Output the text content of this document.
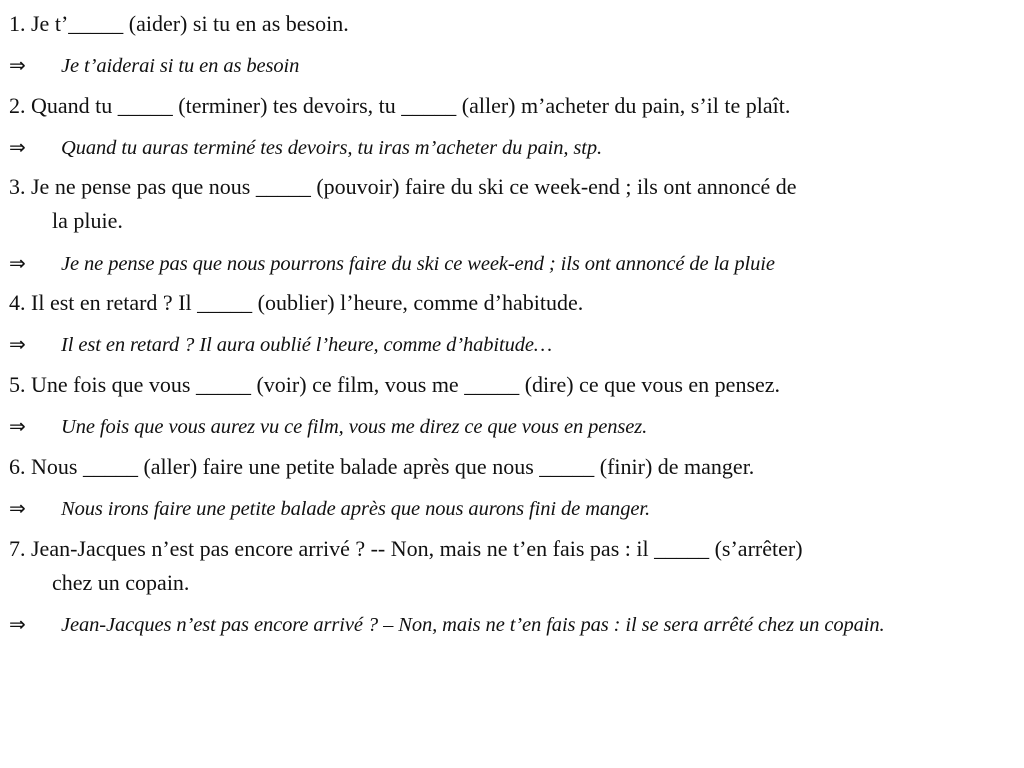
1. Je t’_____ (aider) si tu en as besoin.
⇒ Je t’aiderai si tu en as besoin
2. Quand tu _____ (terminer) tes devoirs, tu _____ (aller) m’acheter du pain, s’il te plaît.
⇒ Quand tu auras terminé tes devoirs, tu iras m’acheter du pain, stp.
3. Je ne pense pas que nous _____ (pouvoir) faire du ski ce week-end ; ils ont annoncé de
la pluie.
⇒ Je ne pense pas que nous pourrons faire du ski ce week-end ; ils ont annoncé de la pluie
4. Il est en retard ? Il _____ (oublier) l’heure, comme d’habitude.
⇒ Il est en retard ? Il aura oublié l’heure, comme d’habitude…
5. Une fois que vous _____ (voir) ce film, vous me _____ (dire) ce que vous en pensez.
⇒ Une fois que vous aurez vu ce film, vous me direz ce que vous en pensez.
6. Nous _____ (aller) faire une petite balade après que nous _____ (finir) de manger.
⇒ Nous irons faire une petite balade après que nous aurons fini de manger.
7. Jean-Jacques n’est pas encore arrivé ? -- Non, mais ne t’en fais pas : il _____ (s’arrêter)
chez un copain.
⇒ Jean-Jacques n’est pas encore arrivé ? – Non, mais ne t’en fais pas : il se sera arrêté chez un copain.
